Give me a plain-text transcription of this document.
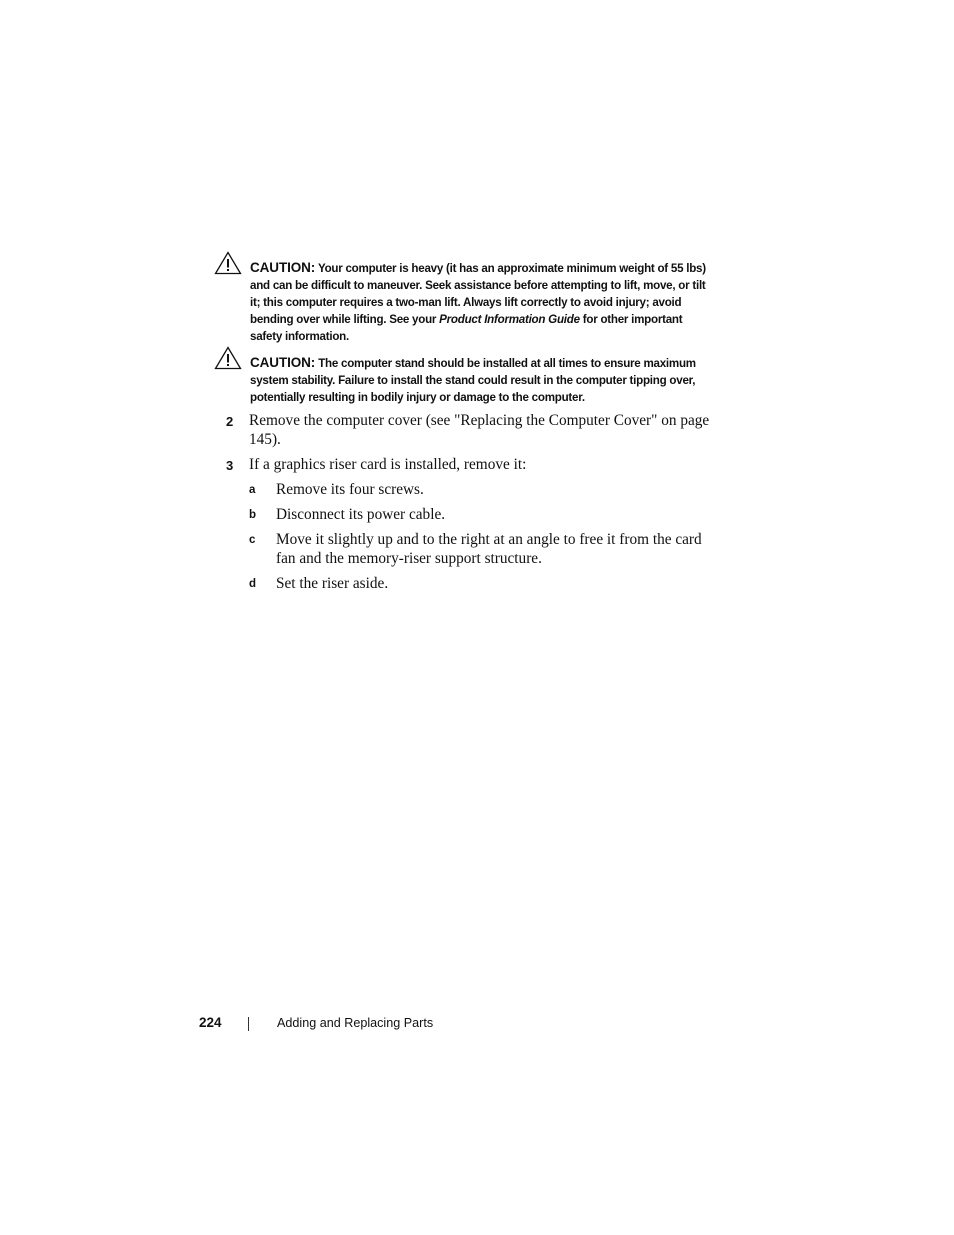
CAUTION: Your computer is heavy (it has an approximate minimum weight of 55 lbs) and can be difficult to maneuver. Seek assistance before attempting to lift, move, or tilt it; this computer requires a two-man lift. Always lift correctly to avoid injury; avoid bending over while lifting. See your Product Information Guide for other important safety information.
CAUTION: The computer stand should be installed at all times to ensure maximum system stability. Failure to install the stand could result in the computer tipping over, potentially resulting in bodily injury or damage to the computer.
2 Remove the computer cover (see "Replacing the Computer Cover" on page 145).
3 If a graphics riser card is installed, remove it:
a Remove its four screws.
b Disconnect its power cable.
c Move it slightly up and to the right at an angle to free it from the card fan and the memory-riser support structure.
d Set the riser aside.
224	Adding and Replacing Parts
